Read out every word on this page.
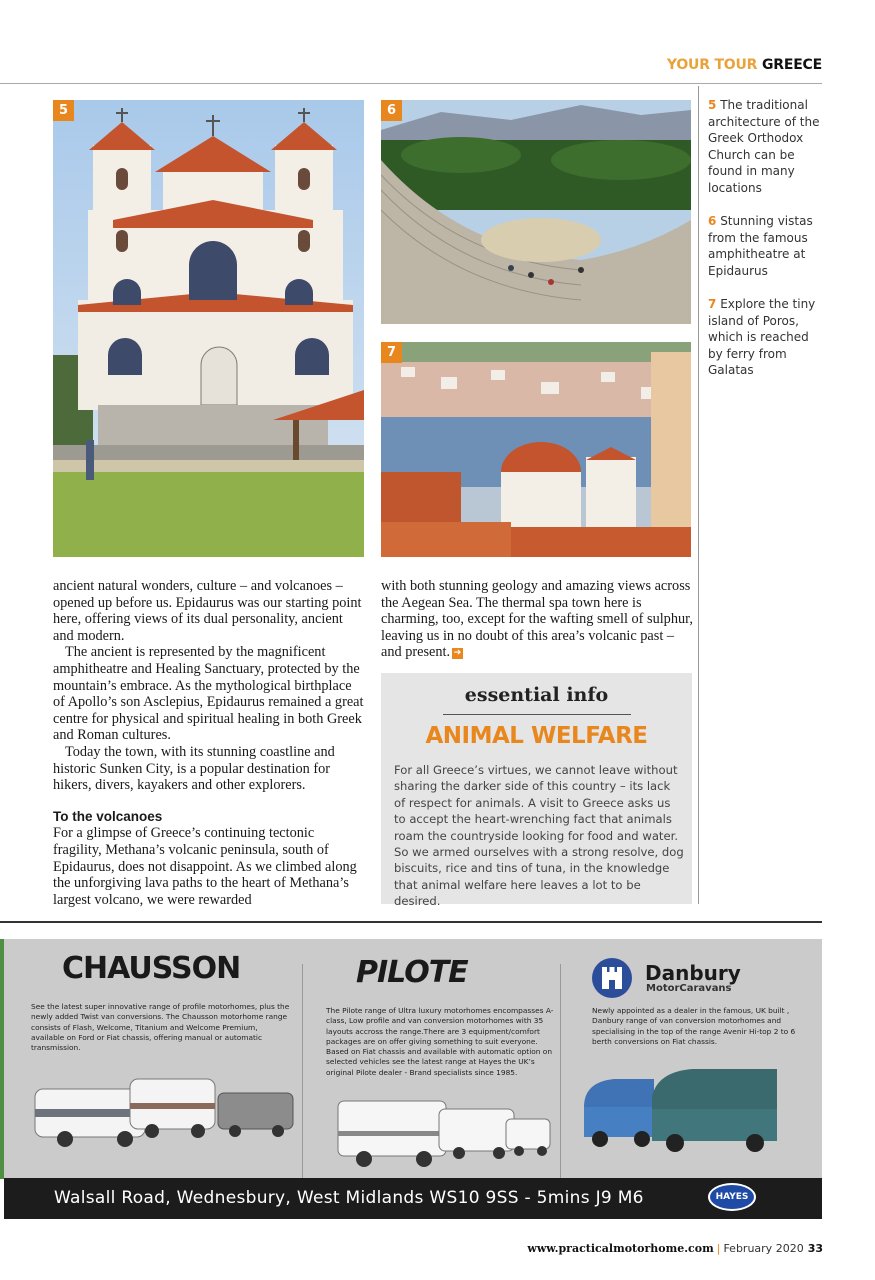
YOUR TOUR GREECE
5	6
7

5 The traditional architecture of the Greek Orthodox Church can be found in many locations

6 Stunning vistas from the famous amphitheatre at Epidaurus

7 Explore the tiny island of Poros, which is reached by ferry from Galatas

ancient natural wonders, culture – and volcanoes – opened up before us. Epidaurus was our starting point here, offering views of its dual personality, ancient and modern.

The ancient is represented by the magnificent amphitheatre and Healing Sanctuary, protected by the mountain’s embrace. As the mythological birthplace of Apollo’s son Asclepius, Epidaurus remained a great centre for physical and spiritual healing in both Greek and Roman cultures.

Today the town, with its stunning coastline and historic Sunken City, is a popular destination for hikers, divers, kayakers and other explorers.

To the volcanoes

For a glimpse of Greece’s continuing tectonic fragility, Methana’s volcanic peninsula, south of Epidaurus, does not disappoint. As we climbed along the unforgiving lava paths to the heart of Methana’s largest volcano, we were rewarded

with both stunning geology and amazing views across the Aegean Sea. The thermal spa town here is charming, too, except for the wafting smell of sulphur, leaving us in no doubt of this area’s volcanic past – and present. ➔

essential info
ANIMAL WELFARE
For all Greece’s virtues, we cannot leave without sharing the darker side of this country – its lack of respect for animals. A visit to Greece asks us to accept the heart-wrenching fact that animals roam the countryside looking for food and water. So we armed ourselves with a strong resolve, dog biscuits, rice and tins of tuna, in the knowledge that animal welfare here leaves a lot to be desired.
CHAUSSON
See the latest super innovative range of profile motorhomes, plus the newly added Twist van conversions. The Chausson motorhome range consists of Flash, Welcome, Titanium and Welcome Premium, available on Ford or Fiat chassis, offering manual or automatic transmission.
PILOTE
The Pilote range of Ultra luxury motorhomes encompasses A-class, Low profile and van conversion motorhomes with 35 layouts accross the range.There are 3 equipment/comfort packages are on offer giving something to suit everyone. Based on Fiat chassis and available with automatic option on selected vehicles see the latest range at Hayes the UK’s original Pilote dealer - Brand specialists since 1985.
Danbury
MotorCaravans
Newly appointed as a dealer in the famous, UK built , Danbury range of van conversion motorhomes and specialising in the top of the range Avenir Hi-top 2 to 6 berth conversions on Fiat chassis.
Walsall Road, Wednesbury, West Midlands WS10 9SS - 5mins J9 M6	HAYES
www.practicalmotorhome.com | February 2020 33
